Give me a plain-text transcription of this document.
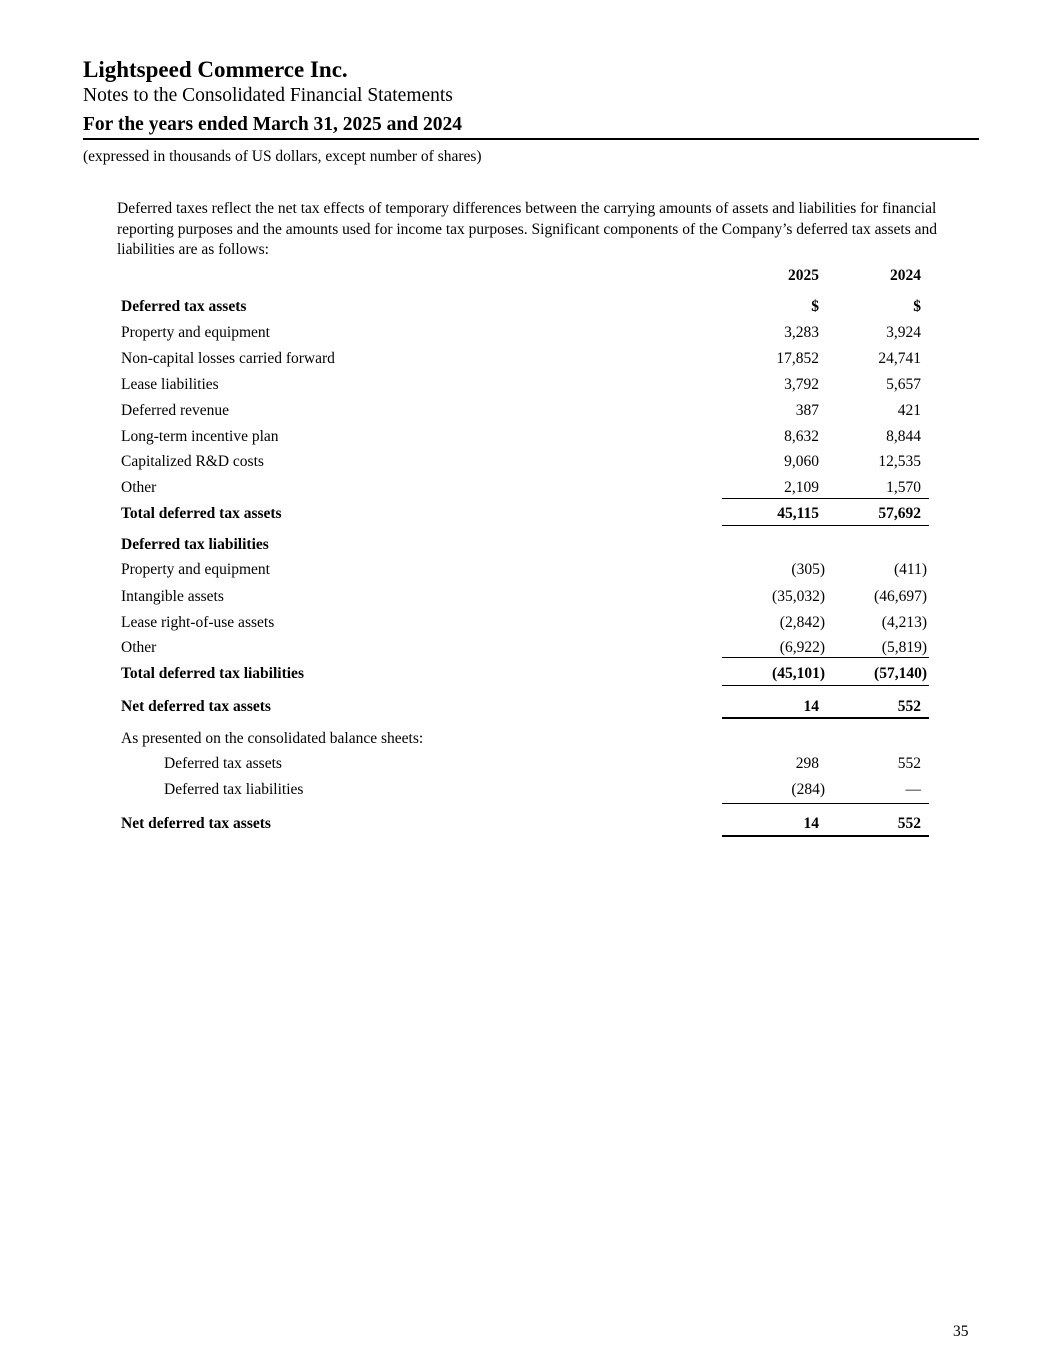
Lightspeed Commerce Inc.
Notes to the Consolidated Financial Statements
For the years ended March 31, 2025 and 2024
(expressed in thousands of US dollars, except number of shares)
Deferred taxes reflect the net tax effects of temporary differences between the carrying amounts of assets and liabilities for financial reporting purposes and the amounts used for income tax purposes. Significant components of the Company’s deferred tax assets and liabilities are as follows:
2025	2024
Deferred tax assets	$	$
Property and equipment	3,283	3,924
Non-capital losses carried forward	17,852	24,741
Lease liabilities	3,792	5,657
Deferred revenue	387	421
Long-term incentive plan	8,632	8,844
Capitalized R&D costs	9,060	12,535
Other	2,109	1,570
Total deferred tax assets	45,115	57,692
Deferred tax liabilities
Property and equipment	(305)	(411)
Intangible assets	(35,032)	(46,697)
Lease right-of-use assets	(2,842)	(4,213)
Other	(6,922)	(5,819)
Total deferred tax liabilities	(45,101)	(57,140)
Net deferred tax assets	14	552
As presented on the consolidated balance sheets:
Deferred tax assets	298	552
Deferred tax liabilities	(284)	—
Net deferred tax assets	14	552
35
